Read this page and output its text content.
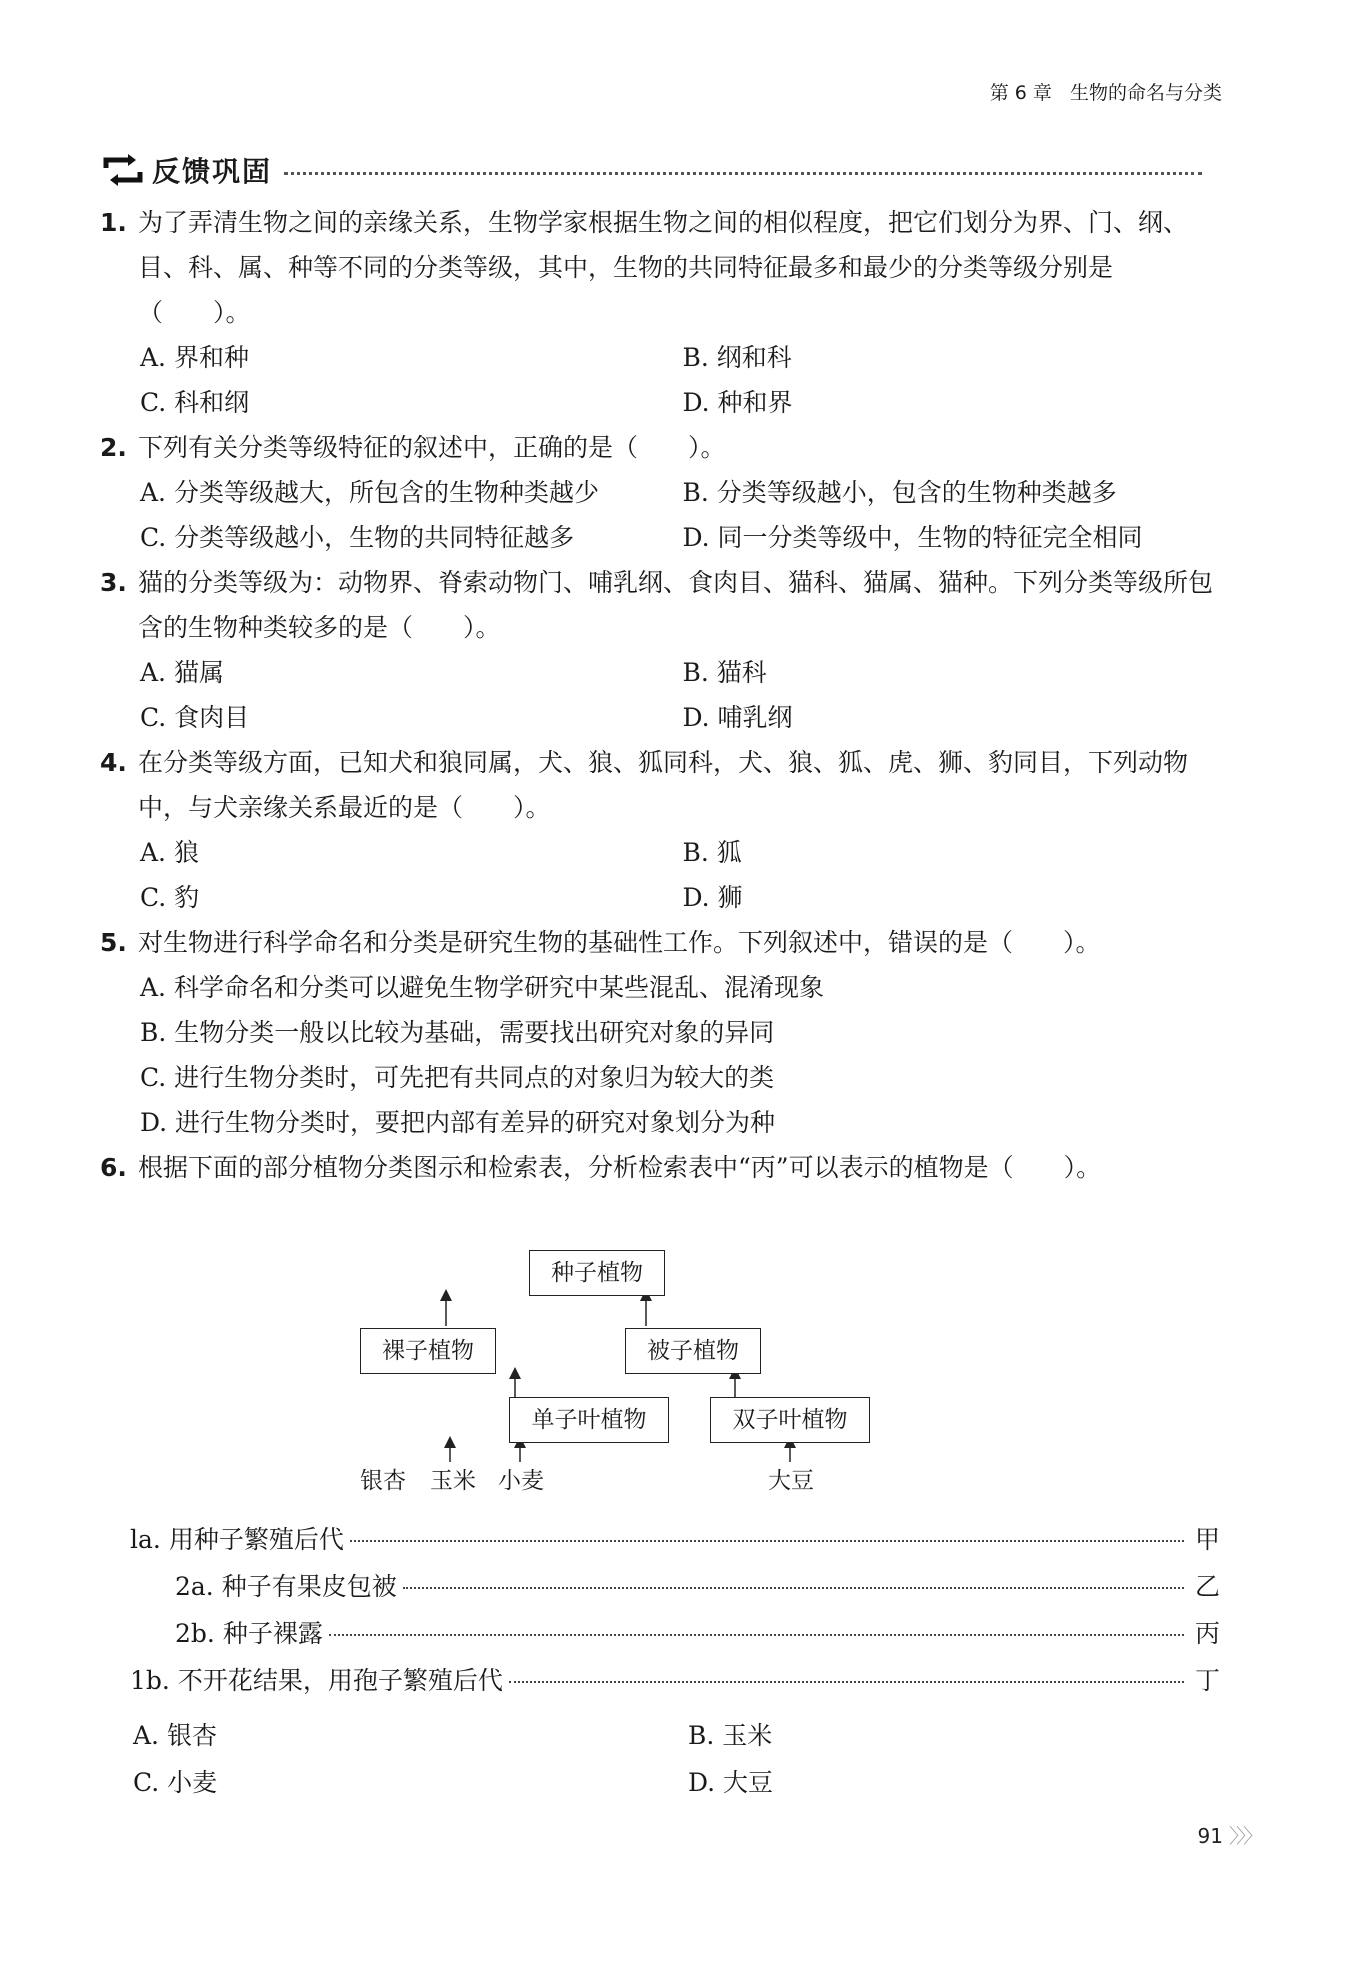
第 6 章 生物的命名与分类
反馈巩固
1. 为了弄清生物之间的亲缘关系，生物学家根据生物之间的相似程度，把它们划分为界、门、纲、目、科、属、种等不同的分类等级，其中，生物的共同特征最多和最少的分类等级分别是（　　）。
A. 界和种	B. 纲和科
C. 科和纲	D. 种和界
2. 下列有关分类等级特征的叙述中，正确的是（　　）。
A. 分类等级越大，所包含的生物种类越少	B. 分类等级越小，包含的生物种类越多
C. 分类等级越小，生物的共同特征越多	D. 同一分类等级中，生物的特征完全相同
3. 猫的分类等级为：动物界、脊索动物门、哺乳纲、食肉目、猫科、猫属、猫种。下列分类等级所包含的生物种类较多的是（　　）。
A. 猫属	B. 猫科
C. 食肉目	D. 哺乳纲
4. 在分类等级方面，已知犬和狼同属，犬、狼、狐同科，犬、狼、狐、虎、狮、豹同目，下列动物中，与犬亲缘关系最近的是（　　）。
A. 狼	B. 狐
C. 豹	D. 狮
5. 对生物进行科学命名和分类是研究生物的基础性工作。下列叙述中，错误的是（　　）。
A. 科学命名和分类可以避免生物学研究中某些混乱、混淆现象
B. 生物分类一般以比较为基础，需要找出研究对象的异同
C. 进行生物分类时，可先把有共同点的对象归为较大的类
D. 进行生物分类时，要把内部有差异的研究对象划分为种
6. 根据下面的部分植物分类图示和检索表，分析检索表中“丙”可以表示的植物是（　　）。
种子植物
裸子植物	被子植物
单子叶植物	双子叶植物
银杏 玉米 小麦	大豆
la. 用种子繁殖后代	甲
2a. 种子有果皮包被	乙
2b. 种子裸露	丙
1b. 不开花结果，用孢子繁殖后代	丁
A. 银杏	B. 玉米
C. 小麦	D. 大豆
91 〉〉〉
